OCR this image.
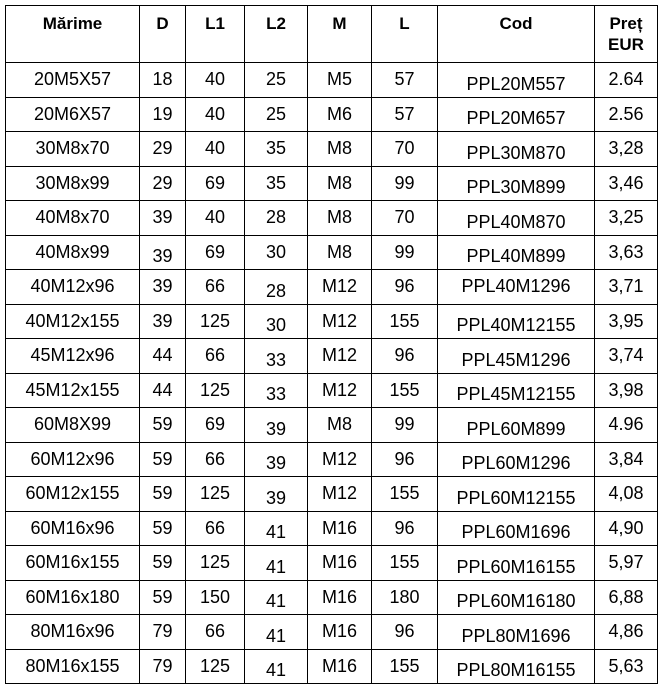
Mărime	D	L1	L2	M	L	Cod	Preț
EUR
20M5X57	18	40	25	M5	57	PPL20M557	2.64
20M6X57	19	40	25	M6	57	PPL20M657	2.56
30M8x70	29	40	35	M8	70	PPL30M870	3,28
30M8x99	29	69	35	M8	99	PPL30M899	3,46
40M8x70	39	40	28	M8	70	PPL40M870	3,25
40M8x99	39	69	30	M8	99	PPL40M899	3,63
40M12x96	39	66	28	M12	96	PPL40M1296	3,71
40M12x155	39	125	30	M12	155	PPL40M12155	3,95
45M12x96	44	66	33	M12	96	PPL45M1296	3,74
45M12x155	44	125	33	M12	155	PPL45M12155	3,98
60M8X99	59	69	39	M8	99	PPL60M899	4.96
60M12x96	59	66	39	M12	96	PPL60M1296	3,84
60M12x155	59	125	39	M12	155	PPL60M12155	4,08
60M16x96	59	66	41	M16	96	PPL60M1696	4,90
60M16x155	59	125	41	M16	155	PPL60M16155	5,97
60M16x180	59	150	41	M16	180	PPL60M16180	6,88
80M16x96	79	66	41	M16	96	PPL80M1696	4,86
80M16x155	79	125	41	M16	155	PPL80M16155	5,63
